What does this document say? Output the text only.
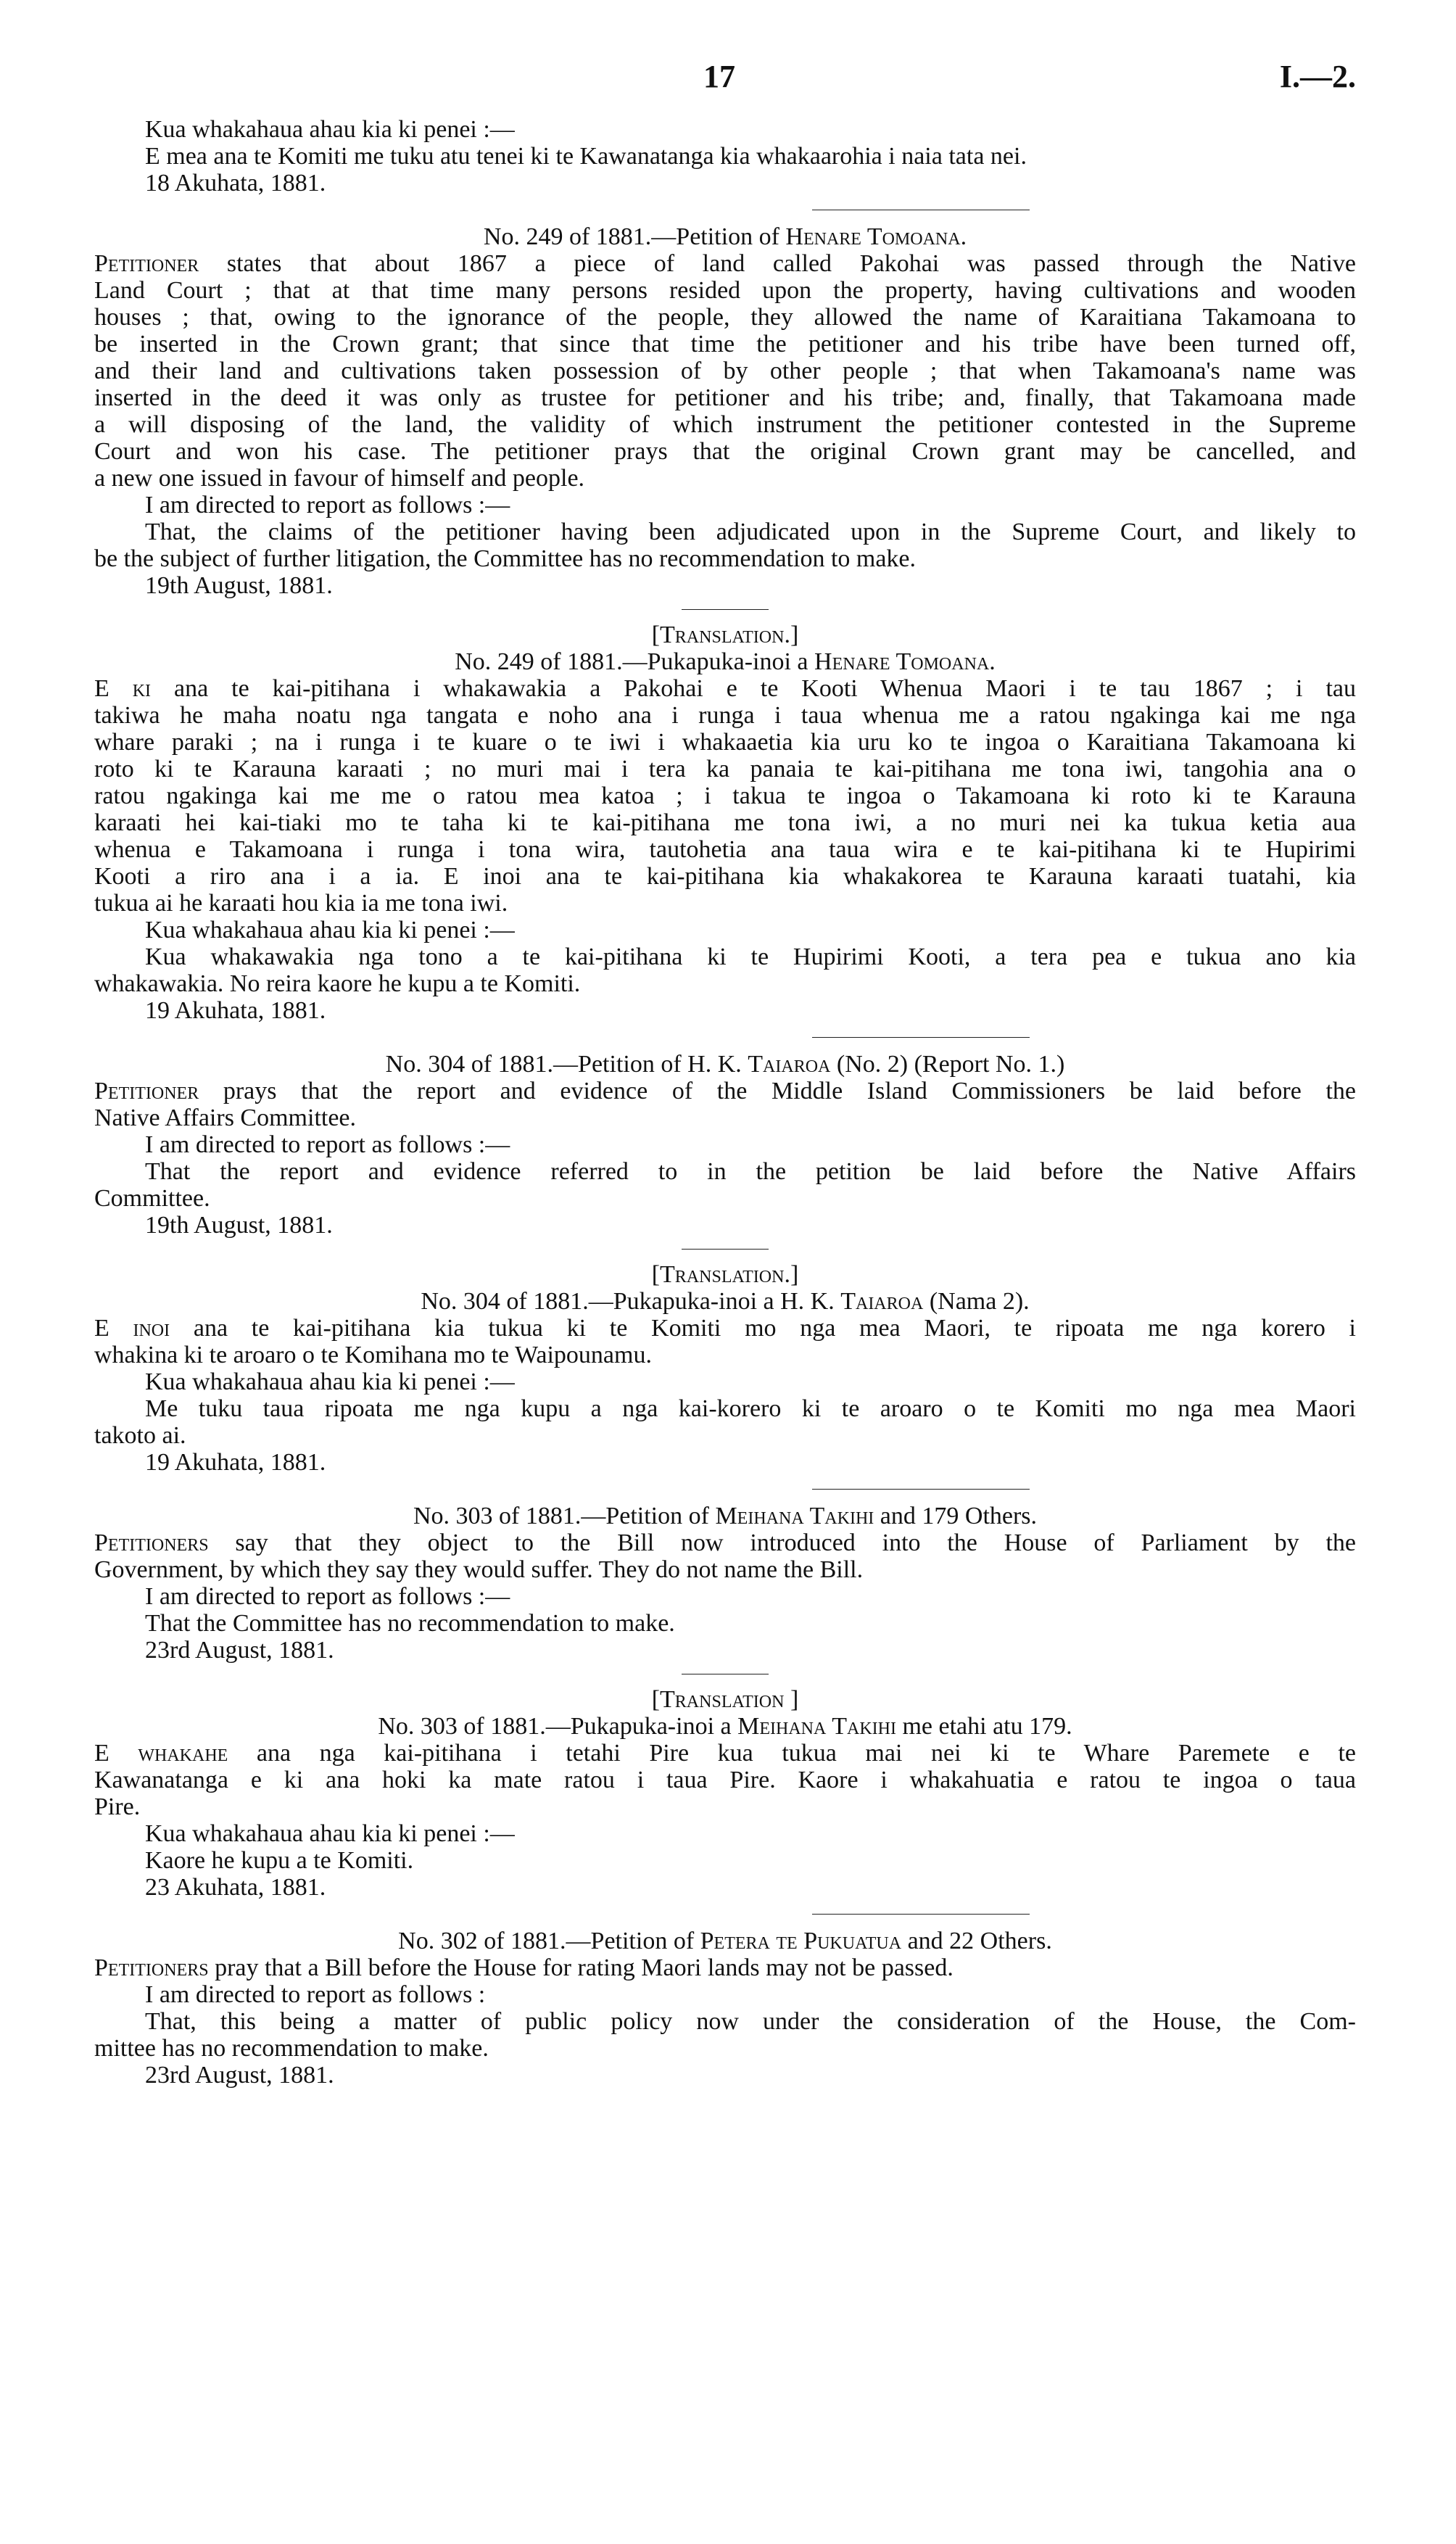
17	I.—2.
Kua whakahaua ahau kia ki penei :—
E mea ana te Komiti me tuku atu tenei ki te Kawanatanga kia whakaarohia i naia tata nei.
18 Akuhata, 1881.
No. 249 of 1881.—Petition of Henare Tomoana.
Petitioner states that about 1867 a piece of land called Pakohai was passed through the Native
Land Court ; that at that time many persons resided upon the property, having cultivations and wooden
houses ; that, owing to the ignorance of the people, they allowed the name of Karaitiana Takamoana to
be inserted in the Crown grant; that since that time the petitioner and his tribe have been turned off,
and their land and cultivations taken possession of by other people ; that when Takamoana's name was
inserted in the deed it was only as trustee for petitioner and his tribe; and, finally, that Takamoana made
a will disposing of the land, the validity of which instrument the petitioner contested in the Supreme
Court and won his case. The petitioner prays that the original Crown grant may be cancelled, and
a new one issued in favour of himself and people.
I am directed to report as follows :—
That, the claims of the petitioner having been adjudicated upon in the Supreme Court, and likely to
be the subject of further litigation, the Committee has no recommendation to make.
19th August, 1881.
[Translation.]
No. 249 of 1881.—Pukapuka-inoi a Henare Tomoana.
E ki ana te kai-pitihana i whakawakia a Pakohai e te Kooti Whenua Maori i te tau 1867 ; i tau
takiwa he maha noatu nga tangata e noho ana i runga i taua whenua me a ratou ngakinga kai me nga
whare paraki ; na i runga i te kuare o te iwi i whakaaetia kia uru ko te ingoa o Karaitiana Takamoana ki
roto ki te Karauna karaati ; no muri mai i tera ka panaia te kai-pitihana me tona iwi, tangohia ana o
ratou ngakinga kai me me o ratou mea katoa ; i takua te ingoa o Takamoana ki roto ki te Karauna
karaati hei kai-tiaki mo te taha ki te kai-pitihana me tona iwi, a no muri nei ka tukua ketia aua
whenua e Takamoana i runga i tona wira, tautohetia ana taua wira e te kai-pitihana ki te Hupirimi
Kooti a riro ana i a ia. E inoi ana te kai-pitihana kia whakakorea te Karauna karaati tuatahi, kia
tukua ai he karaati hou kia ia me tona iwi.
Kua whakahaua ahau kia ki penei :—
Kua whakawakia nga tono a te kai-pitihana ki te Hupirimi Kooti, a tera pea e tukua ano kia
whakawakia. No reira kaore he kupu a te Komiti.
19 Akuhata, 1881.
No. 304 of 1881.—Petition of H. K. Taiaroa (No. 2) (Report No. 1.)
Petitioner prays that the report and evidence of the Middle Island Commissioners be laid before the
Native Affairs Committee.
I am directed to report as follows :—
That the report and evidence referred to in the petition be laid before the Native Affairs
Committee.
19th August, 1881.
[Translation.]
No. 304 of 1881.—Pukapuka-inoi a H. K. Taiaroa (Nama 2).
E inoi ana te kai-pitihana kia tukua ki te Komiti mo nga mea Maori, te ripoata me nga korero i
whakina ki te aroaro o te Komihana mo te Waipounamu.
Kua whakahaua ahau kia ki penei :—
Me tuku taua ripoata me nga kupu a nga kai-korero ki te aroaro o te Komiti mo nga mea Maori
takoto ai.
19 Akuhata, 1881.
No. 303 of 1881.—Petition of Meihana Takihi and 179 Others.
Petitioners say that they object to the Bill now introduced into the House of Parliament by the
Government, by which they say they would suffer. They do not name the Bill.
I am directed to report as follows :—
That the Committee has no recommendation to make.
23rd August, 1881.
[Translation ]
No. 303 of 1881.—Pukapuka-inoi a Meihana Takihi me etahi atu 179.
E whakahe ana nga kai-pitihana i tetahi Pire kua tukua mai nei ki te Whare Paremete e te
Kawanatanga e ki ana hoki ka mate ratou i taua Pire. Kaore i whakahuatia e ratou te ingoa o taua
Pire.
Kua whakahaua ahau kia ki penei :—
Kaore he kupu a te Komiti.
23 Akuhata, 1881.
No. 302 of 1881.—Petition of Petera te Pukuatua and 22 Others.
Petitioners pray that a Bill before the House for rating Maori lands may not be passed.
I am directed to report as follows :
That, this being a matter of public policy now under the consideration of the House, the Com-
mittee has no recommendation to make.
23rd August, 1881.
